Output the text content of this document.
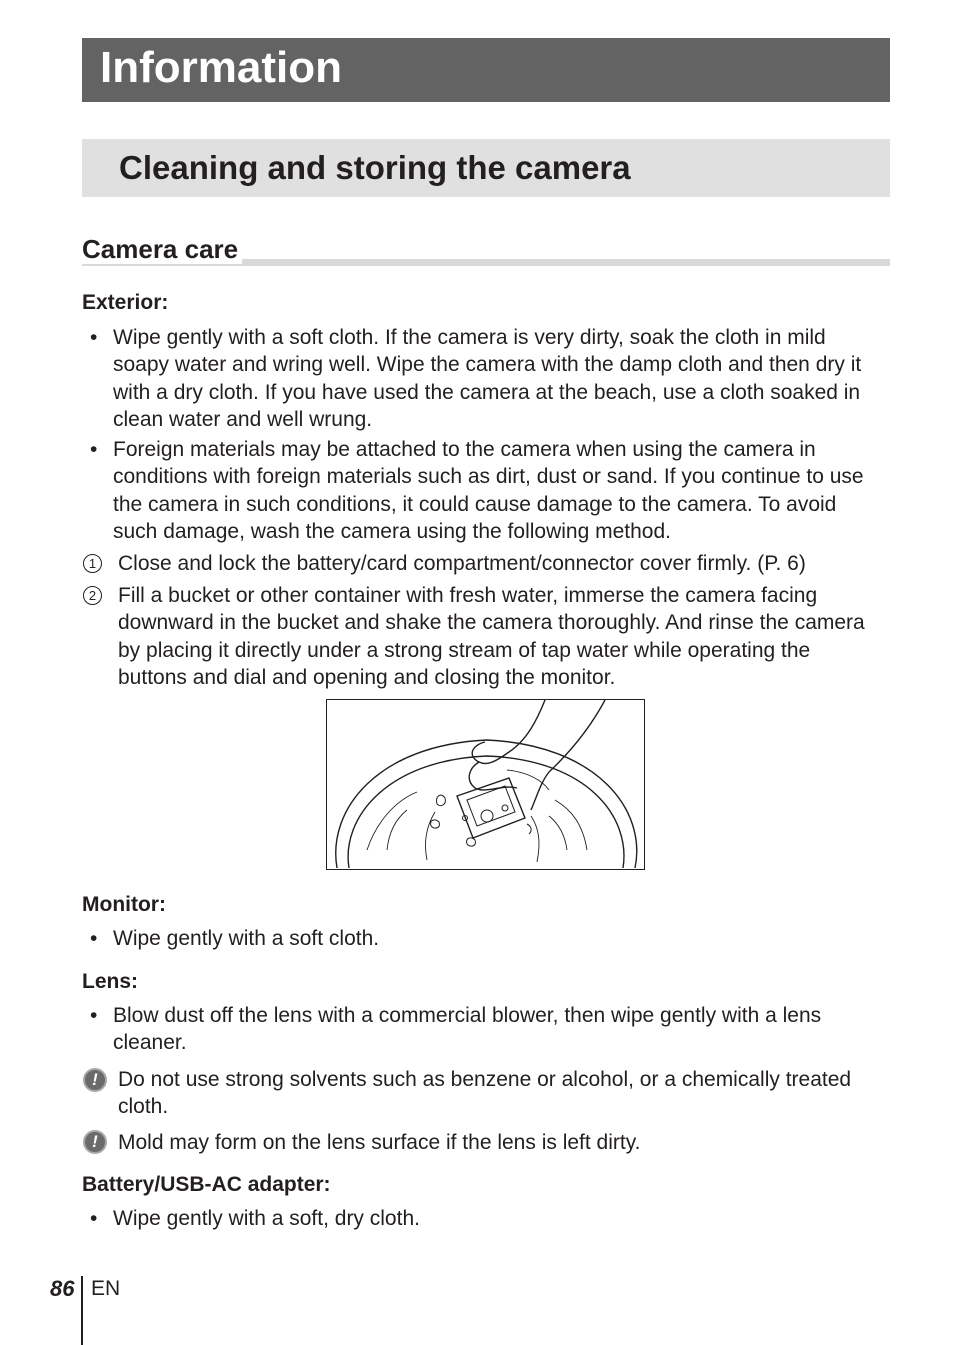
Information
Cleaning and storing the camera
Camera care
Exterior:
• Wipe gently with a soft cloth. If the camera is very dirty, soak the cloth in mild soapy water and wring well. Wipe the camera with the damp cloth and then dry it with a dry cloth. If you have used the camera at the beach, use a cloth soaked in clean water and well wrung.
• Foreign materials may be attached to the camera when using the camera in conditions with foreign materials such as dirt, dust or sand. If you continue to use the camera in such conditions, it could cause damage to the camera. To avoid such damage, wash the camera using the following method.
1 Close and lock the battery/card compartment/connector cover firmly. (P. 6)
2 Fill a bucket or other container with fresh water, immerse the camera facing downward in the bucket and shake the camera thoroughly. And rinse the camera by placing it directly under a strong stream of tap water while operating the buttons and dial and opening and closing the monitor.
Monitor:
• Wipe gently with a soft cloth.
Lens:
• Blow dust off the lens with a commercial blower, then wipe gently with a lens cleaner.
! Do not use strong solvents such as benzene or alcohol, or a chemically treated cloth.
! Mold may form on the lens surface if the lens is left dirty.
Battery/USB-AC adapter:
• Wipe gently with a soft, dry cloth.
86 EN
